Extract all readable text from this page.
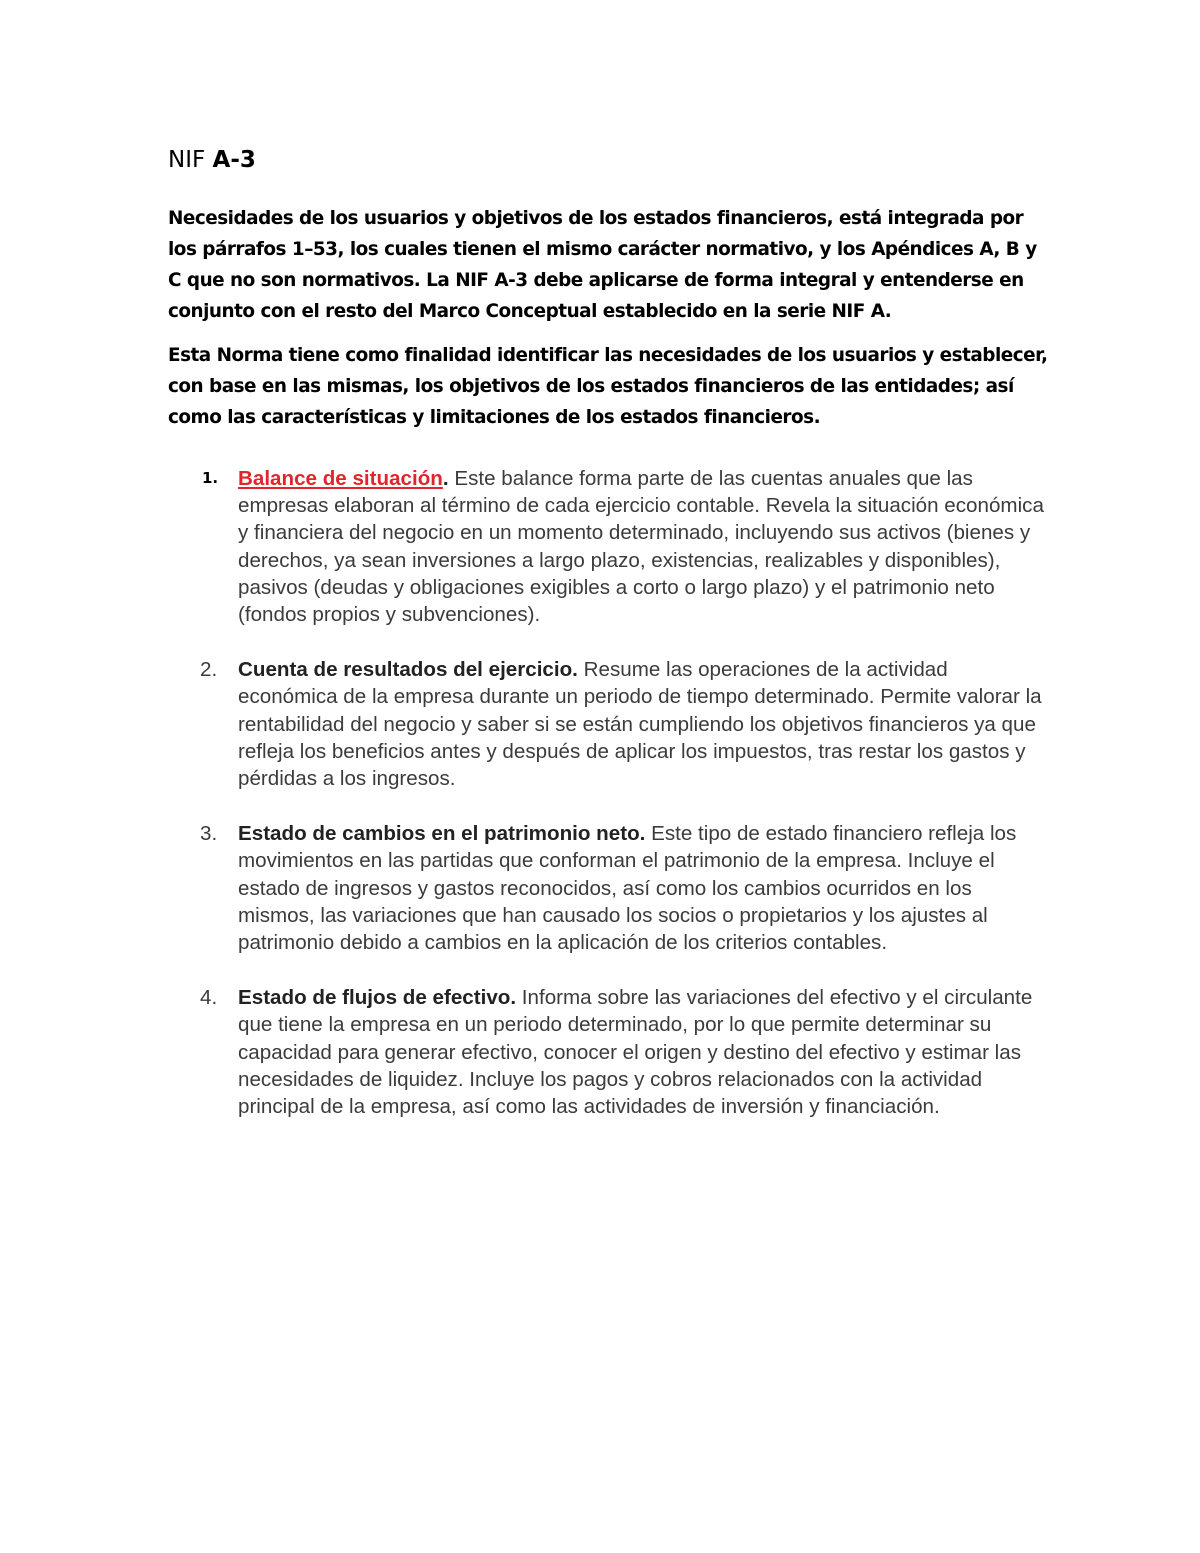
NIF A-3

Necesidades de los usuarios y objetivos de los estados financieros, está integrada por los párrafos 1–53, los cuales tienen el mismo carácter normativo, y los Apéndices A, B y C que no son normativos. La NIF A-3 debe aplicarse de forma integral y entenderse en conjunto con el resto del Marco Conceptual establecido en la serie NIF A.

Esta Norma tiene como finalidad identificar las necesidades de los usuarios y establecer, con base en las mismas, los objetivos de los estados financieros de las entidades; así como las características y limitaciones de los estados financieros.

1. Balance de situación. Este balance forma parte de las cuentas anuales que las empresas elaboran al término de cada ejercicio contable. Revela la situación económica y financiera del negocio en un momento determinado, incluyendo sus activos (bienes y derechos, ya sean inversiones a largo plazo, existencias, realizables y disponibles), pasivos (deudas y obligaciones exigibles a corto o largo plazo) y el patrimonio neto (fondos propios y subvenciones).
2. Cuenta de resultados del ejercicio. Resume las operaciones de la actividad económica de la empresa durante un periodo de tiempo determinado. Permite valorar la rentabilidad del negocio y saber si se están cumpliendo los objetivos financieros ya que refleja los beneficios antes y después de aplicar los impuestos, tras restar los gastos y pérdidas a los ingresos.
3. Estado de cambios en el patrimonio neto. Este tipo de estado financiero refleja los movimientos en las partidas que conforman el patrimonio de la empresa. Incluye el estado de ingresos y gastos reconocidos, así como los cambios ocurridos en los mismos, las variaciones que han causado los socios o propietarios y los ajustes al patrimonio debido a cambios en la aplicación de los criterios contables.
4. Estado de flujos de efectivo. Informa sobre las variaciones del efectivo y el circulante que tiene la empresa en un periodo determinado, por lo que permite determinar su capacidad para generar efectivo, conocer el origen y destino del efectivo y estimar las necesidades de liquidez. Incluye los pagos y cobros relacionados con la actividad principal de la empresa, así como las actividades de inversión y financiación.
